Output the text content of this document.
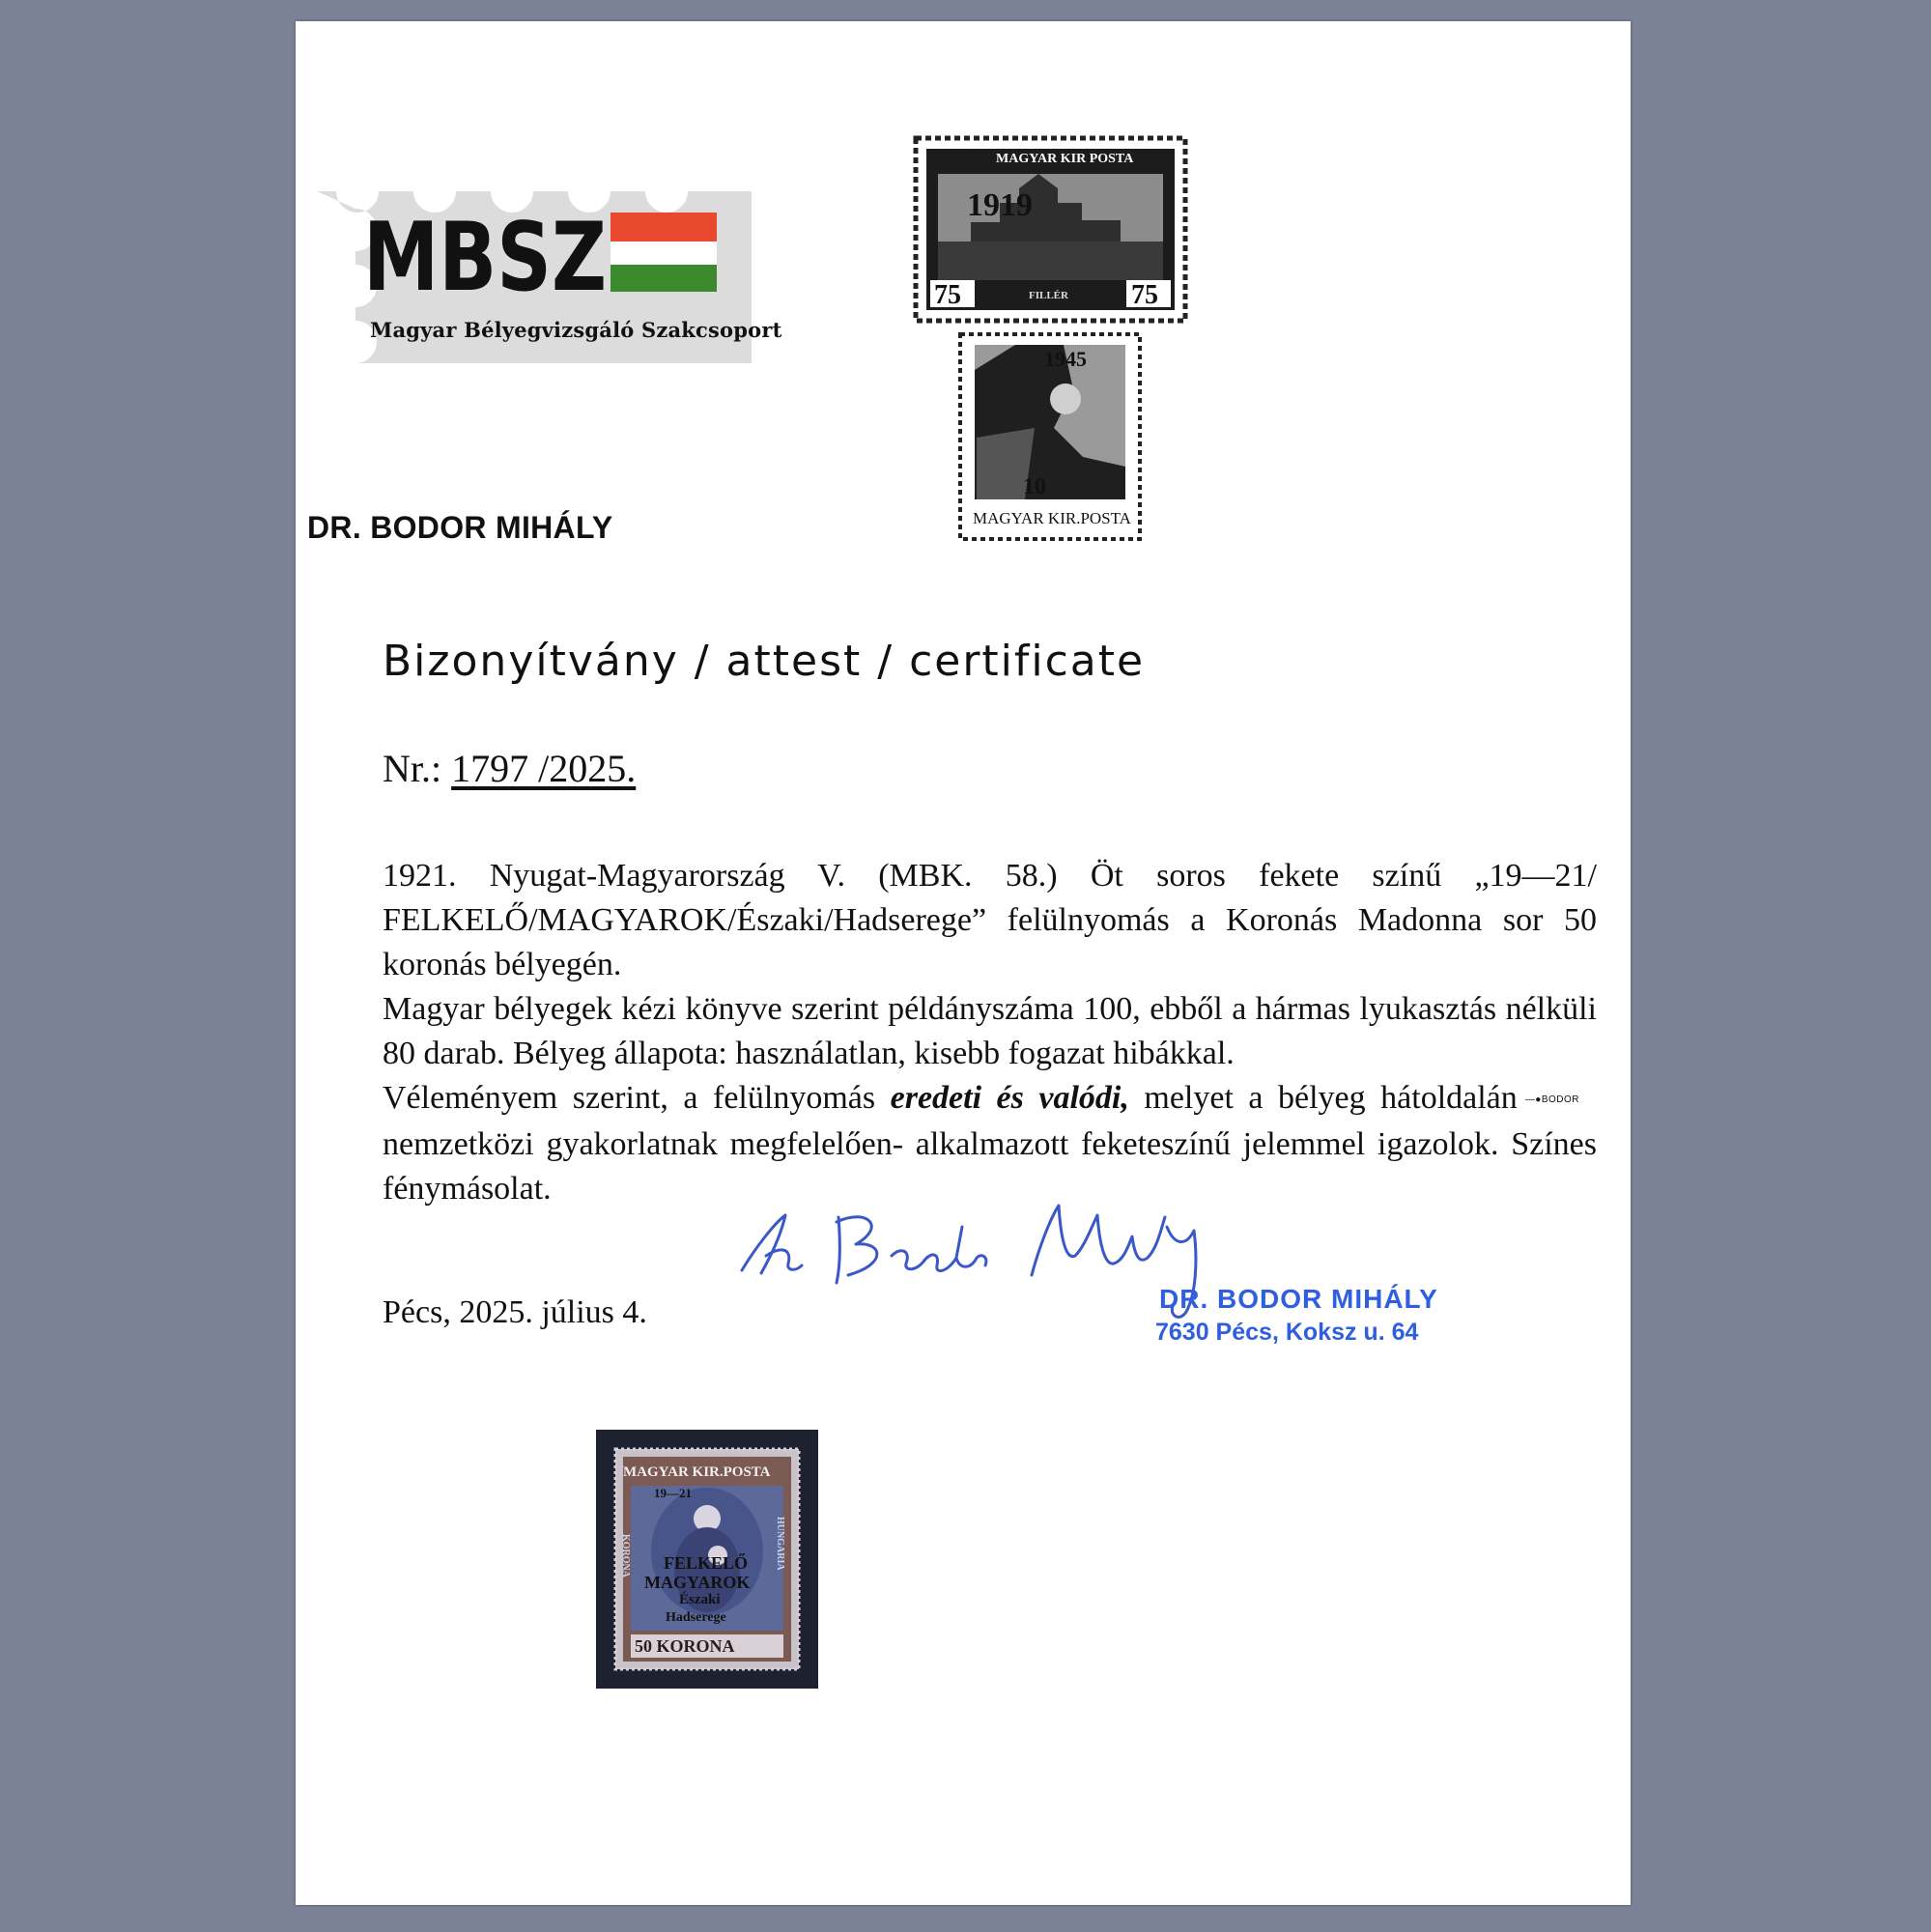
MBSZ
Magyar Bélyegvizsgáló Szakcsoport
MAGYAR KIR POSTA
1919
75	75
FILLÉR
1945
10
MAGYAR KIR.POSTA
DR. BODOR MIHÁLY
Bizonyítvány / attest / certificate
Nr.: 1797 /2025.

1921. Nyugat-Magyarország V. (MBK. 58.) Öt soros fekete színű „19—21/ FELKELŐ/MAGYAROK/Északi/Hadserege” felülnyomás a Koronás Madonna sor 50 koronás bélyegén.

Magyar bélyegek kézi könyve szerint példányszáma 100, ebből a hármas lyukasztás nélküli 80 darab. Bélyeg állapota: használatlan, kisebb fogazat hibákkal.

Véleményem szerint, a felülnyomás eredeti és valódi, melyet a bélyeg hátoldalán —●BODORnemzetközi gyakorlatnak megfelelően- alkalmazott feketeszínű jelemmel igazolok. Színes fénymásolat.

Pécs, 2025. július 4.	DR. BODOR MIHÁLY
7630 Pécs, Koksz u. 64
MAGYAR KIR.POSTA
KORONA	HUNGARIA
19—21
FELKELŐ
MAGYAROK
Északi
Hadserege
50 KORONA
